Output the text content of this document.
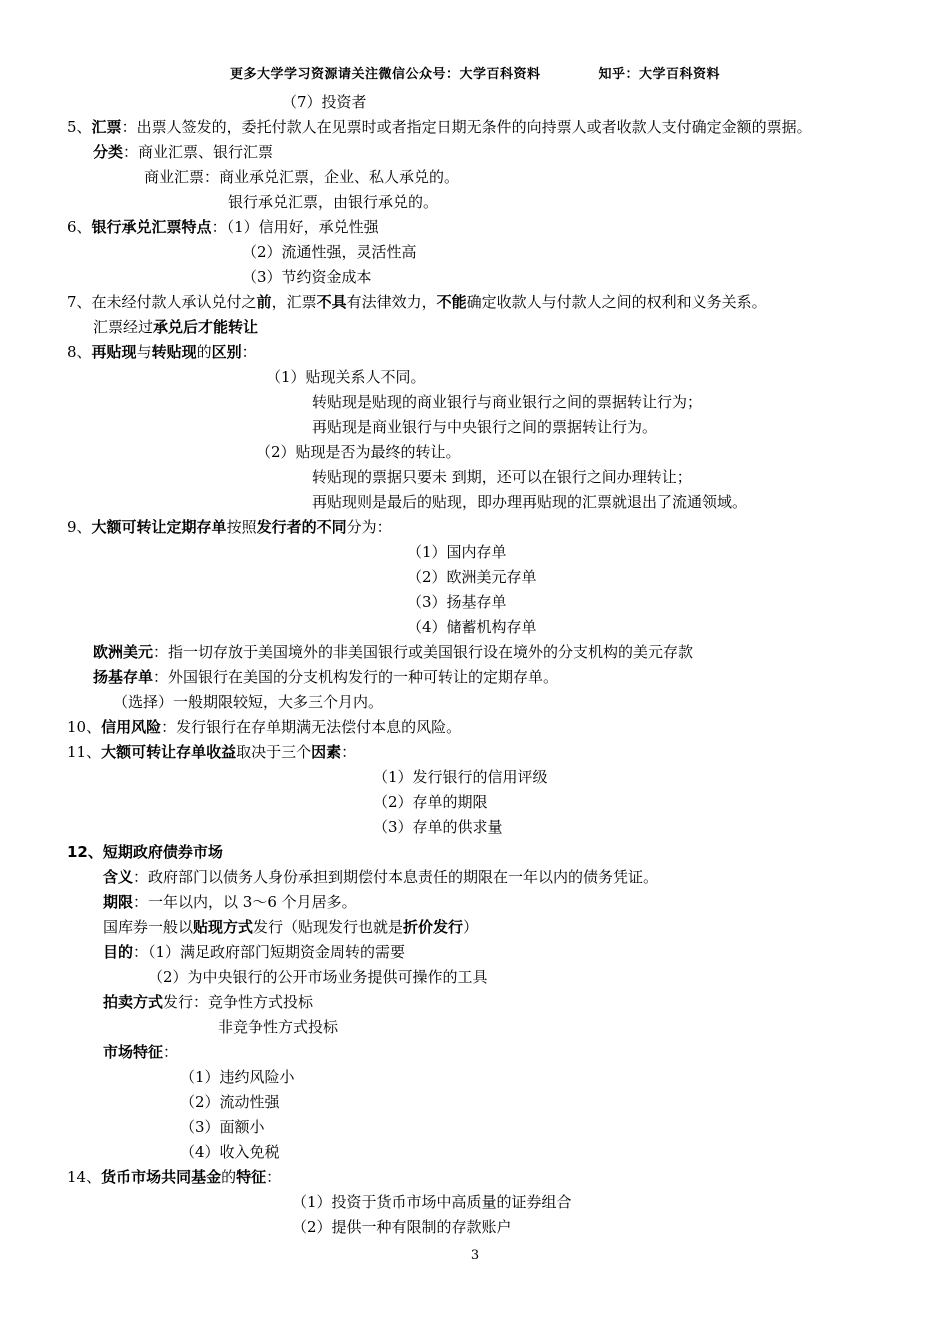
更多大学学习资源请关注微信公众号：大学百科资料	知乎：大学百科资料
（7）投资者
5、汇票：出票人签发的，委托付款人在见票时或者指定日期无条件的向持票人或者收款人支付确定金额的票据。
分类：商业汇票、银行汇票
商业汇票：商业承兑汇票，企业、私人承兑的。
银行承兑汇票，由银行承兑的。
6、银行承兑汇票特点：（1）信用好，承兑性强
（2）流通性强，灵活性高
（3）节约资金成本
7、在未经付款人承认兑付之前，汇票不具有法律效力，不能确定收款人与付款人之间的权利和义务关系。
汇票经过承兑后才能转让
8、再贴现与转贴现的区别：
（1）贴现关系人不同。
转贴现是贴现的商业银行与商业银行之间的票据转让行为；
再贴现是商业银行与中央银行之间的票据转让行为。
（2）贴现是否为最终的转让。
转贴现的票据只要未 到期，还可以在银行之间办理转让；
再贴现则是最后的贴现，即办理再贴现的汇票就退出了流通领域。
9、大额可转让定期存单按照发行者的不同分为：
（1）国内存单
（2）欧洲美元存单
（3）扬基存单
（4）储蓄机构存单
欧洲美元：指一切存放于美国境外的非美国银行或美国银行设在境外的分支机构的美元存款
扬基存单：外国银行在美国的分支机构发行的一种可转让的定期存单。
（选择）一般期限较短，大多三个月内。
10、信用风险：发行银行在存单期满无法偿付本息的风险。
11、大额可转让存单收益取决于三个因素：
（1）发行银行的信用评级
（2）存单的期限
（3）存单的供求量
12、短期政府债券市场
含义：政府部门以债务人身份承担到期偿付本息责任的期限在一年以内的债务凭证。
期限：一年以内，以 3～6 个月居多。
国库券一般以贴现方式发行（贴现发行也就是折价发行）
目的：（1）满足政府部门短期资金周转的需要
（2）为中央银行的公开市场业务提供可操作的工具
拍卖方式发行：竞争性方式投标
非竞争性方式投标
市场特征：
（1）违约风险小
（2）流动性强
（3）面额小
（4）收入免税
14、货币市场共同基金的特征：
（1）投资于货币市场中高质量的证券组合
（2）提供一种有限制的存款账户
3
